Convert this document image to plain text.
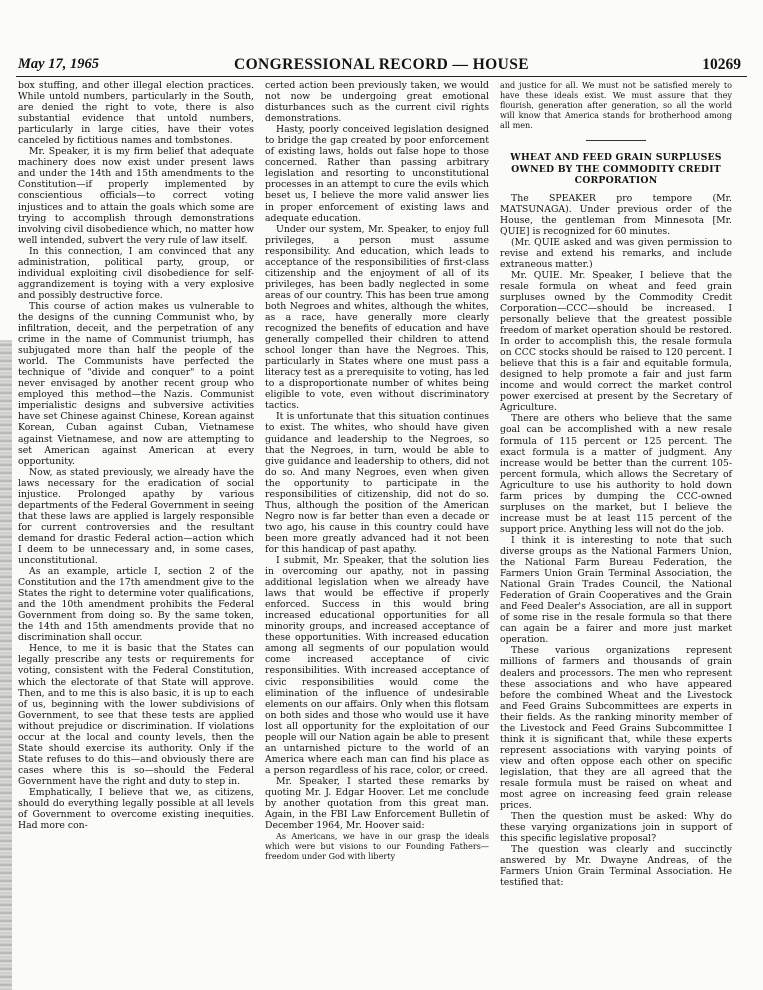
May 17, 1965	CONGRESSIONAL RECORD — HOUSE	10269

box stuffing, and other illegal election practices. While untold numbers, particularly in the South, are denied the right to vote, there is also substantial evidence that untold numbers, particularly in large cities, have their votes canceled by fictitious names and tombstones.

Mr. Speaker, it is my firm belief that adequate machinery does now exist under present laws and under the 14th and 15th amendments to the Constitution—if properly implemented by conscientious officials—to correct voting injustices and to attain the goals which some are trying to accomplish through demonstrations involving civil disobedience which, no matter how well intended, subvert the very rule of law itself.

In this connection, I am convinced that any administration, political party, group, or individual exploiting civil disobedience for self-aggrandizement is toying with a very explosive and possibly destructive force.

This course of action makes us vulnerable to the designs of the cunning Communist who, by infiltration, deceit, and the perpetration of any crime in the name of Communist triumph, has subjugated more than half the people of the world. The Communists have perfected the technique of "divide and conquer" to a point never envisaged by another recent group who employed this method—the Nazis. Communist imperialistic designs and subversive activities have set Chinese against Chinese, Korean against Korean, Cuban against Cuban, Vietnamese against Vietnamese, and now are attempting to set American against American at every opportunity.

Now, as stated previously, we already have the laws necessary for the eradication of social injustice. Prolonged apathy by various departments of the Federal Government in seeing that these laws are applied is largely responsible for current controversies and the resultant demand for drastic Federal action—action which I deem to be unnecessary and, in some cases, unconstitutional.

As an example, article I, section 2 of the Constitution and the 17th amendment give to the States the right to determine voter qualifications, and the 10th amendment prohibits the Federal Government from doing so. By the same token, the 14th and 15th amendments provide that no discrimination shall occur.

Hence, to me it is basic that the States can legally prescribe any tests or requirements for voting, consistent with the Federal Constitution, which the electorate of that State will approve. Then, and to me this is also basic, it is up to each of us, beginning with the lower subdivisions of Government, to see that these tests are applied without prejudice or discrimination. If violations occur at the local and county levels, then the State should exercise its authority. Only if the State refuses to do this—and obviously there are cases where this is so—should the Federal Government have the right and duty to step in.

Emphatically, I believe that we, as citizens, should do everything legally possible at all levels of Government to overcome existing inequities. Had more con-

certed action been previously taken, we would not now be undergoing great emotional disturbances such as the current civil rights demonstrations.

Hasty, poorly conceived legislation designed to bridge the gap created by poor enforcement of existing laws, holds out false hope to those concerned. Rather than passing arbitrary legislation and resorting to unconstitutional processes in an attempt to cure the evils which beset us, I believe the more valid answer lies in proper enforcement of existing laws and adequate education.

Under our system, Mr. Speaker, to enjoy full privileges, a person must assume responsibility. And education, which leads to acceptance of the responsibilities of first-class citizenship and the enjoyment of all of its privileges, has been badly neglected in some areas of our country. This has been true among both Negroes and whites, although the whites, as a race, have generally more clearly recognized the benefits of education and have generally compelled their children to attend school longer than have the Negroes. This, particularly in States where one must pass a literacy test as a prerequisite to voting, has led to a disproportionate number of whites being eligible to vote, even without discriminatory tactics.

It is unfortunate that this situation continues to exist. The whites, who should have given guidance and leadership to the Negroes, so that the Negroes, in turn, would be able to give guidance and leadership to others, did not do so. And many Negroes, even when given the opportunity to participate in the responsibilities of citizenship, did not do so. Thus, although the position of the American Negro now is far better than even a decade or two ago, his cause in this country could have been more greatly advanced had it not been for this handicap of past apathy.

I submit, Mr. Speaker, that the solution lies in overcoming our apathy, not in passing additional legislation when we already have laws that would be effective if properly enforced. Success in this would bring increased educational opportunities for all minority groups, and increased acceptance of these opportunities. With increased education among all segments of our population would come increased acceptance of civic responsibilities. With increased acceptance of civic responsibilities would come the elimination of the influence of undesirable elements on our affairs. Only when this flotsam on both sides and those who would use it have lost all opportunity for the exploitation of our people will our Nation again be able to present an untarnished picture to the world of an America where each man can find his place as a person regardless of his race, color, or creed.

Mr. Speaker, I started these remarks by quoting Mr. J. Edgar Hoover. Let me conclude by another quotation from this great man. Again, in the FBI Law Enforcement Bulletin of December 1964, Mr. Hoover said:

As Americans, we have in our grasp the ideals which were but visions to our Founding Fathers—freedom under God with liberty

and justice for all. We must not be satisfied merely to have these ideals exist. We must assure that they flourish, generation after generation, so all the world will know that America stands for brotherhood among all men.

WHEAT AND FEED GRAIN SURPLUSES OWNED BY THE COMMODITY CREDIT CORPORATION

The SPEAKER pro tempore (Mr. MATSUNAGA). Under previous order of the House, the gentleman from Minnesota [Mr. QUIE] is recognized for 60 minutes.

(Mr. QUIE asked and was given permission to revise and extend his remarks, and include extraneous matter.)

Mr. QUIE. Mr. Speaker, I believe that the resale formula on wheat and feed grain surpluses owned by the Commodity Credit Corporation—CCC—should be increased. I personally believe that the greatest possible freedom of market operation should be restored. In order to accomplish this, the resale formula on CCC stocks should be raised to 120 percent. I believe that this is a fair and equitable formula, designed to help promote a fair and just farm income and would correct the market control power exercised at present by the Secretary of Agriculture.

There are others who believe that the same goal can be accomplished with a new resale formula of 115 percent or 125 percent. The exact formula is a matter of judgment. Any increase would be better than the current 105-percent formula, which allows the Secretary of Agriculture to use his authority to hold down farm prices by dumping the CCC-owned surpluses on the market, but I believe the increase must be at least 115 percent of the support price. Anything less will not do the job.

I think it is interesting to note that such diverse groups as the National Farmers Union, the National Farm Bureau Federation, the Farmers Union Grain Terminal Association, the National Grain Trades Council, the National Federation of Grain Cooperatives and the Grain and Feed Dealer's Association, are all in support of some rise in the resale formula so that there can again be a fairer and more just market operation.

These various organizations represent millions of farmers and thousands of grain dealers and processors. The men who represent these associations and who have appeared before the combined Wheat and the Livestock and Feed Grains Subcommittees are experts in their fields. As the ranking minority member of the Livestock and Feed Grains Subcommittee I think it is significant that, while these experts represent associations with varying points of view and often oppose each other on specific legislation, that they are all agreed that the resale formula must be raised on wheat and most agree on increasing feed grain release prices.

Then the question must be asked: Why do these varying organizations join in support of this specific legislative proposal?

The question was clearly and succinctly answered by Mr. Dwayne Andreas, of the Farmers Union Grain Terminal Association. He testified that:
